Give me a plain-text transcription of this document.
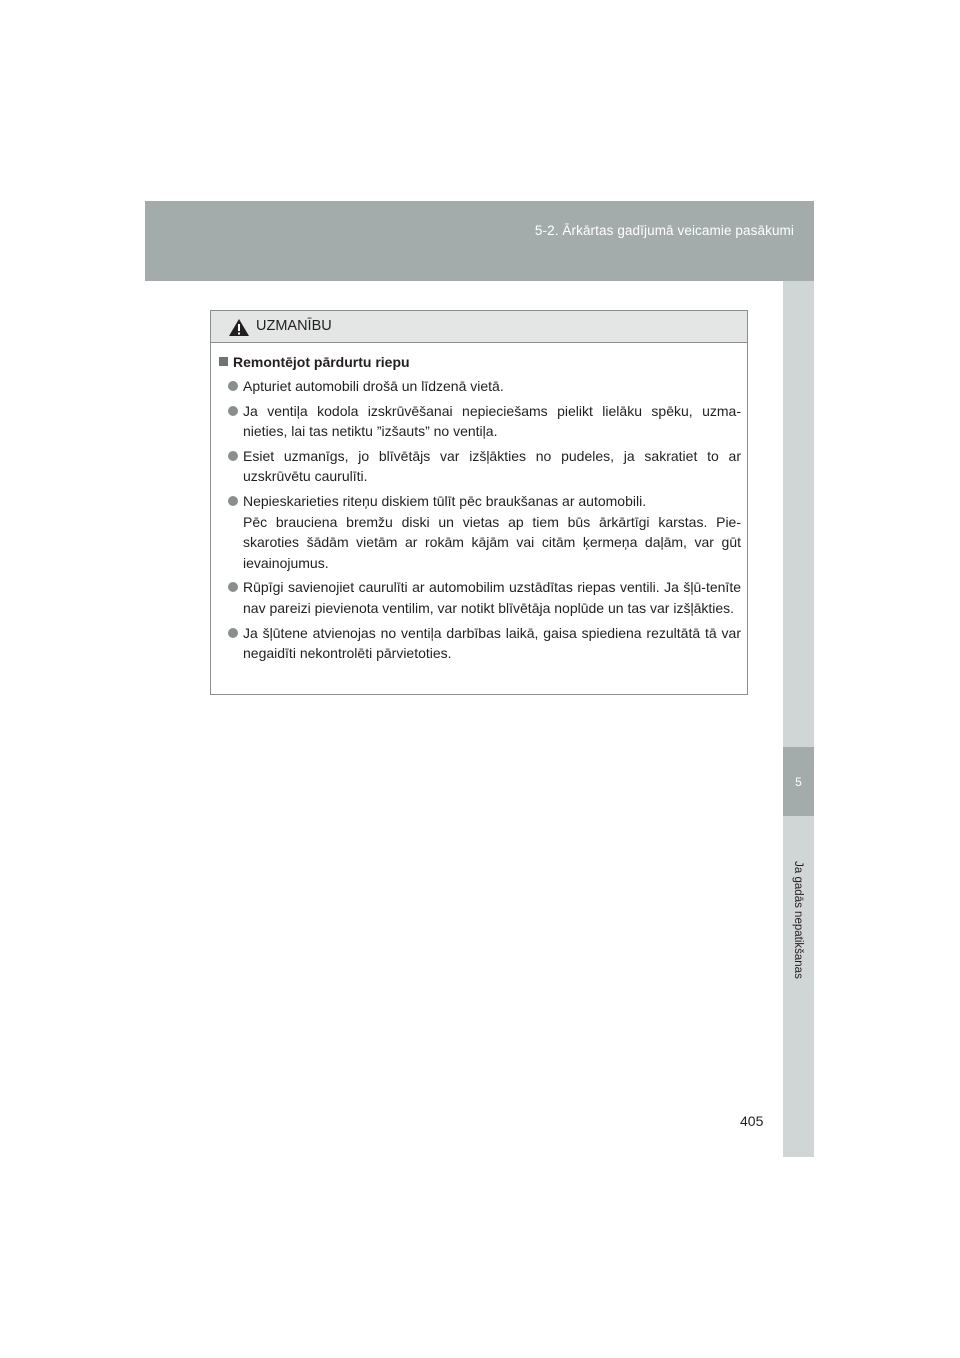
5-2. Ārkārtas gadījumā veicamie pasākumi
5
Ja gadās nepatikšanas
UZMANĪBU
Remontējot pārdurtu riepu
Apturiet automobili drošā un līdzenā vietā.
Ja ventiļa kodola izskrūvēšanai nepieciešams pielikt lielāku spēku, uzma-nieties, lai tas netiktu ”izšauts” no ventiļa.
Esiet uzmanīgs, jo blīvētājs var izšļākties no pudeles, ja sakratiet to ar uzskrūvētu caurulīti.
Nepieskarieties riteņu diskiem tūlīt pēc braukšanas ar automobili.
Pēc brauciena bremžu diski un vietas ap tiem būs ārkārtīgi karstas. Pie-skaroties šādām vietām ar rokām kājām vai citām ķermeņa daļām, var gūt ievainojumus.
Rūpīgi savienojiet caurulīti ar automobilim uzstādītas riepas ventili. Ja šļū-tenīte nav pareizi pievienota ventilim, var notikt blīvētāja noplūde un tas var izšļākties.
Ja šļūtene atvienojas no ventiļa darbības laikā, gaisa spiediena rezultātā tā var negaidīti nekontrolēti pārvietoties.
405
